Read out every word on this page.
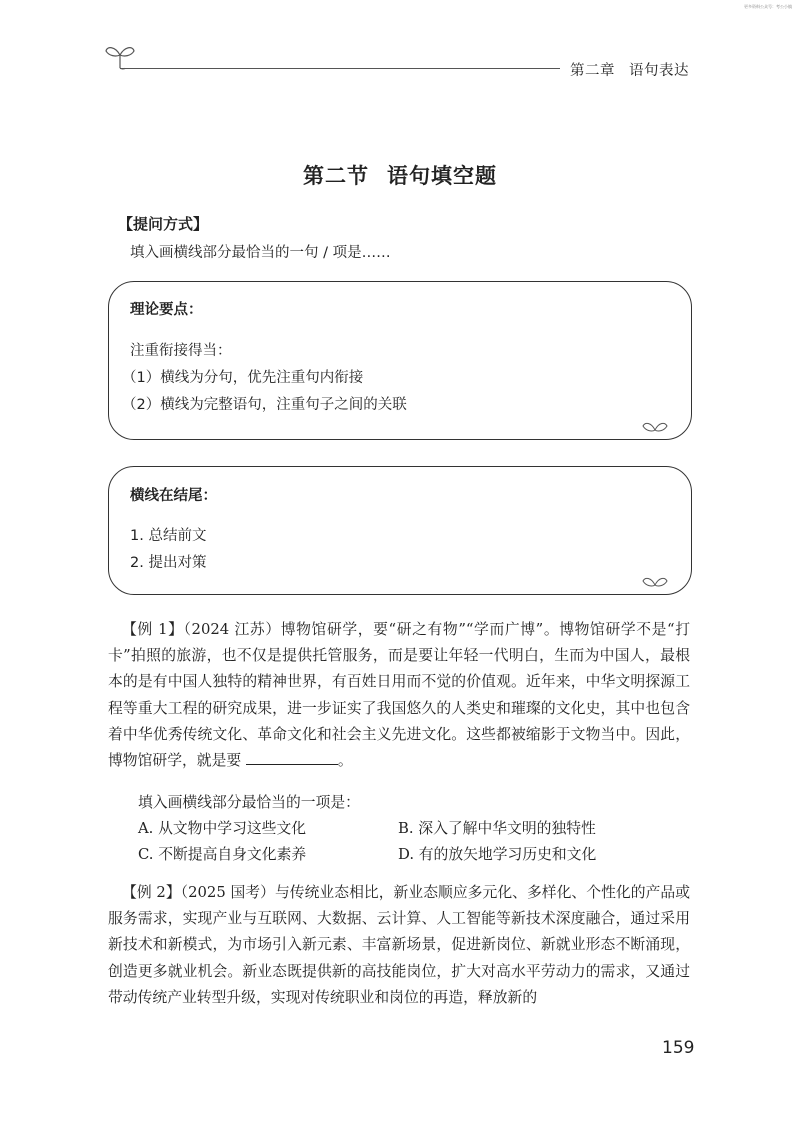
更多资料公众号：考公小镇
第二章 语句表达
第二节 语句填空题
【提问方式】
填入画横线部分最恰当的一句 / 项是……
理论要点：
注重衔接得当：
（1）横线为分句，优先注重句内衔接
（2）横线为完整语句，注重句子之间的关联
横线在结尾：
1. 总结前文
2. 提出对策
【例 1】（2024 江苏）博物馆研学，要“研之有物”“学而广博”。博物馆研学不是“打卡”拍照的旅游，也不仅是提供托管服务，而是要让年轻一代明白，生而为中国人，最根本的是有中国人独特的精神世界，有百姓日用而不觉的价值观。近年来，中华文明探源工程等重大工程的研究成果，进一步证实了我国悠久的人类史和璀璨的文化史，其中也包含着中华优秀传统文化、革命文化和社会主义先进文化。这些都被缩影于文物当中。因此，博物馆研学，就是要	。
填入画横线部分最恰当的一项是：
A. 从文物中学习这些文化	B. 深入了解中华文明的独特性
C. 不断提高自身文化素养	D. 有的放矢地学习历史和文化
【例 2】（2025 国考）与传统业态相比，新业态顺应多元化、多样化、个性化的产品或服务需求，实现产业与互联网、大数据、云计算、人工智能等新技术深度融合，通过采用新技术和新模式，为市场引入新元素、丰富新场景，促进新岗位、新就业形态不断涌现，创造更多就业机会。新业态既提供新的高技能岗位，扩大对高水平劳动力的需求，又通过带动传统产业转型升级，实现对传统职业和岗位的再造，释放新的
159
